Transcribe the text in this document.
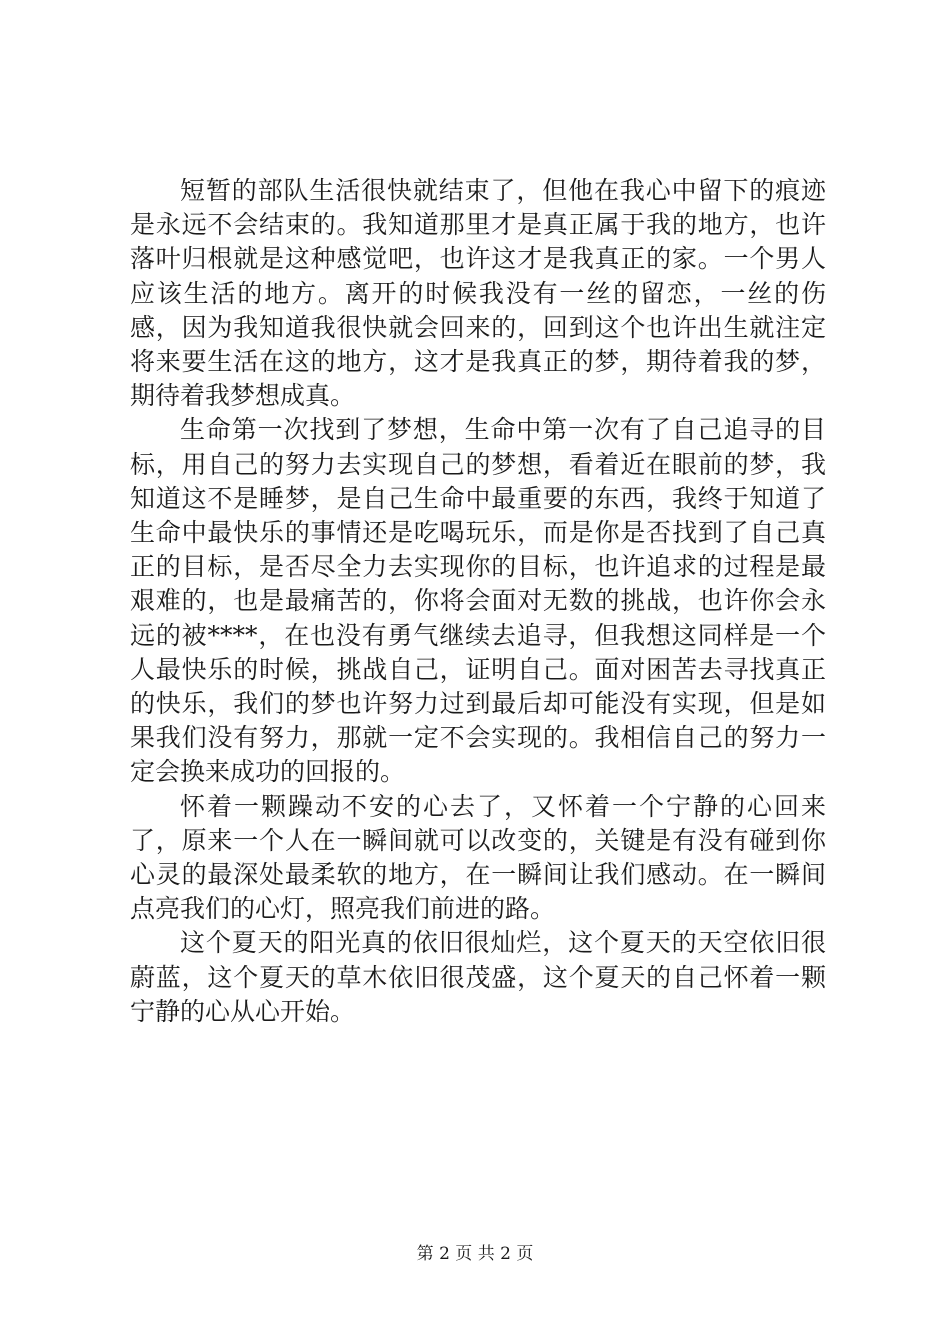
短暂的部队生活很快就结束了，但他在我心中留下的痕迹是永远不会结束的。我知道那里才是真正属于我的地方，也许落叶归根就是这种感觉吧，也许这才是我真正的家。一个男人应该生活的地方。离开的时候我没有一丝的留恋，一丝的伤感，因为我知道我很快就会回来的，回到这个也许出生就注定将来要生活在这的地方，这才是我真正的梦，期待着我的梦，期待着我梦想成真。

生命第一次找到了梦想，生命中第一次有了自己追寻的目标，用自己的努力去实现自己的梦想，看着近在眼前的梦，我知道这不是睡梦，是自己生命中最重要的东西，我终于知道了生命中最快乐的事情还是吃喝玩乐，而是你是否找到了自己真正的目标，是否尽全力去实现你的目标，也许追求的过程是最艰难的，也是最痛苦的，你将会面对无数的挑战，也许你会永远的被****，在也没有勇气继续去追寻，但我想这同样是一个人最快乐的时候，挑战自己，证明自己。面对困苦去寻找真正的快乐，我们的梦也许努力过到最后却可能没有实现，但是如果我们没有努力，那就一定不会实现的。我相信自己的努力一定会换来成功的回报的。

怀着一颗躁动不安的心去了，又怀着一个宁静的心回来了，原来一个人在一瞬间就可以改变的，关键是有没有碰到你心灵的最深处最柔软的地方，在一瞬间让我们感动。在一瞬间点亮我们的心灯，照亮我们前进的路。

这个夏天的阳光真的依旧很灿烂，这个夏天的天空依旧很蔚蓝，这个夏天的草木依旧很茂盛，这个夏天的自己怀着一颗宁静的心从心开始。

第 2 页 共 2 页
